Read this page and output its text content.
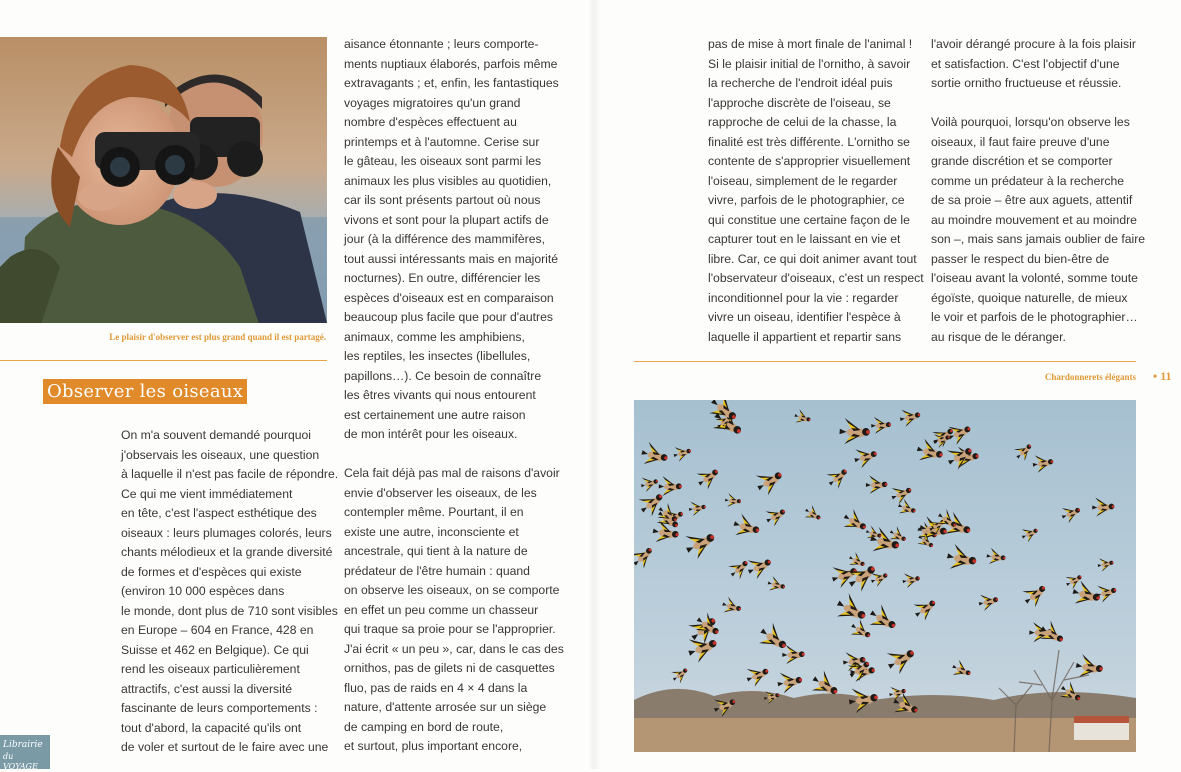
Le plaisir d'observer est plus grand quand il est partagé.
Observer les oiseaux

On m'a souvent demandé pourquoi
j'observais les oiseaux, une question
à laquelle il n'est pas facile de répondre.
Ce qui me vient immédiatement
en tête, c'est l'aspect esthétique des
oiseaux : leurs plumages colorés, leurs
chants mélodieux et la grande diversité
de formes et d'espèces qui existe
(environ 10 000 espèces dans
le monde, dont plus de 710 sont visibles
en Europe – 604 en France, 428 en
Suisse et 462 en Belgique). Ce qui
rend les oiseaux particulièrement
attractifs, c'est aussi la diversité
fascinante de leurs comportements :
tout d'abord, la capacité qu'ils ont
de voler et surtout de le faire avec une

aisance étonnante ; leurs comporte-
ments nuptiaux élaborés, parfois même
extravagants ; et, enfin, les fantastiques
voyages migratoires qu'un grand
nombre d'espèces effectuent au
printemps et à l'automne. Cerise sur
le gâteau, les oiseaux sont parmi les
animaux les plus visibles au quotidien,
car ils sont présents partout où nous
vivons et sont pour la plupart actifs de
jour (à la différence des mammifères,
tout aussi intéressants mais en majorité
nocturnes). En outre, différencier les
espèces d'oiseaux est en comparaison
beaucoup plus facile que pour d'autres
animaux, comme les amphibiens,
les reptiles, les insectes (libellules,
papillons…). Ce besoin de connaître
les êtres vivants qui nous entourent
est certainement une autre raison
de mon intérêt pour les oiseaux.

Cela fait déjà pas mal de raisons d'avoir
envie d'observer les oiseaux, de les
contempler même. Pourtant, il en
existe une autre, inconsciente et
ancestrale, qui tient à la nature de
prédateur de l'être humain : quand
on observe les oiseaux, on se comporte
en effet un peu comme un chasseur
qui traque sa proie pour se l'approprier.
J'ai écrit « un peu », car, dans le cas des
ornithos, pas de gilets ni de casquettes
fluo, pas de raids en 4 × 4 dans la
nature, d'attente arrosée sur un siège
de camping en bord de route,
et surtout, plus important encore,

pas de mise à mort finale de l'animal !
Si le plaisir initial de l'ornitho, à savoir
la recherche de l'endroit idéal puis
l'approche discrète de l'oiseau, se
rapproche de celui de la chasse, la
finalité est très différente. L'ornitho se
contente de s'approprier visuellement
l'oiseau, simplement de le regarder
vivre, parfois de le photographier, ce
qui constitue une certaine façon de le
capturer tout en le laissant en vie et
libre. Car, ce qui doit animer avant tout
l'observateur d'oiseaux, c'est un respect
inconditionnel pour la vie : regarder
vivre un oiseau, identifier l'espèce à
laquelle il appartient et repartir sans

l'avoir dérangé procure à la fois plaisir
et satisfaction. C'est l'objectif d'une
sortie ornitho fructueuse et réussie.

Voilà pourquoi, lorsqu'on observe les
oiseaux, il faut faire preuve d'une
grande discrétion et se comporter
comme un prédateur à la recherche
de sa proie – être aux aguets, attentif
au moindre mouvement et au moindre
son –, mais sans jamais oublier de faire
passer le respect du bien-être de
l'oiseau avant la volonté, somme toute
égoïste, quoique naturelle, de mieux
le voir et parfois de le photographier…
au risque de le déranger.

Chardonnerets élégants • 11
Librairie
du VOYAGE
